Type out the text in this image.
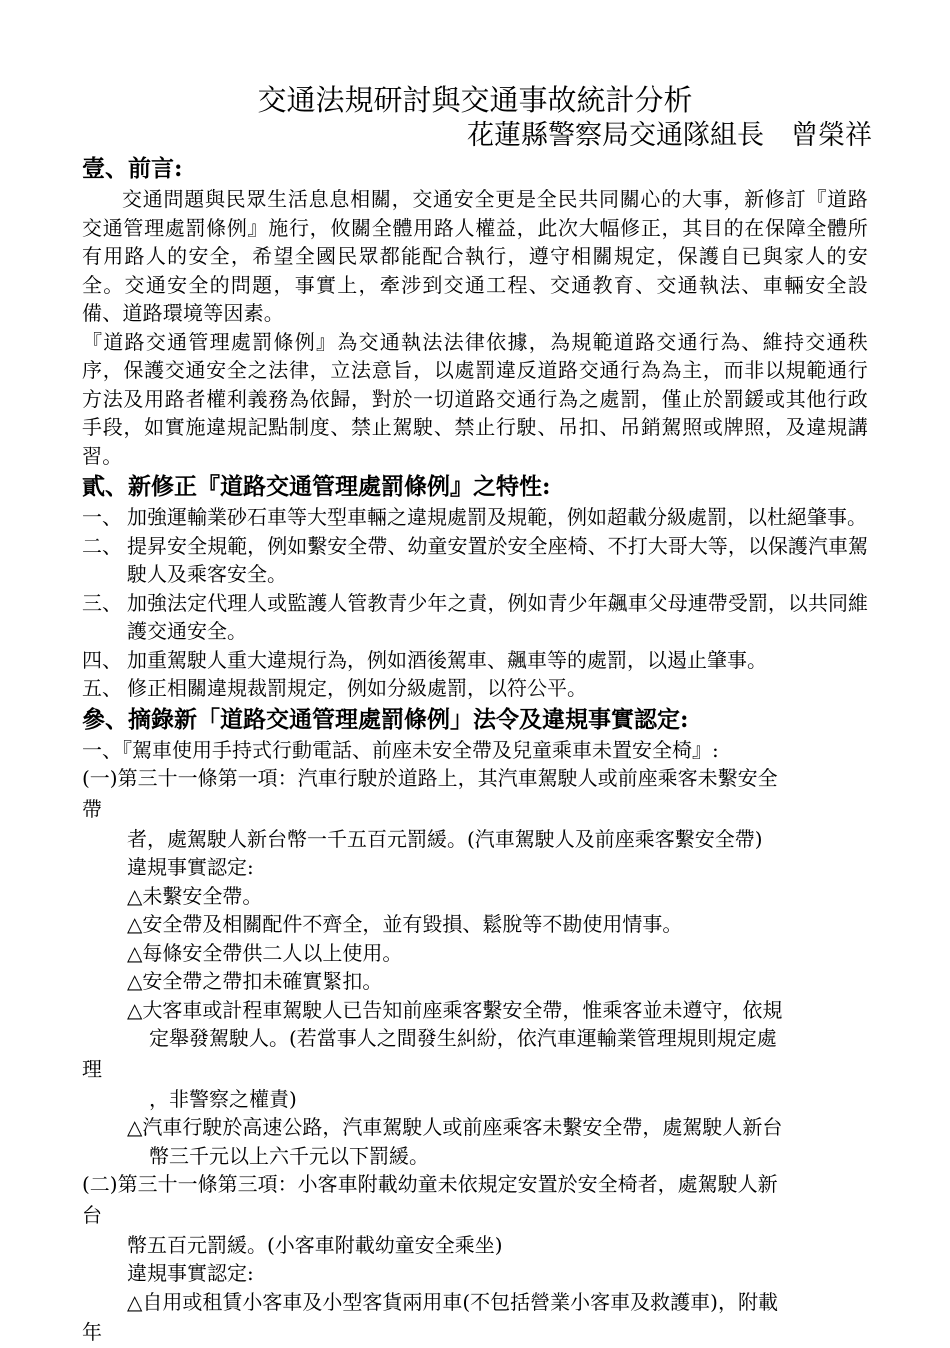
交通法規研討與交通事故統計分析
花蓮縣警察局交通隊組長　曾榮祥
壹、前言:
交通問題與民眾生活息息相關，交通安全更是全民共同關心的大事，新修訂『道路交通管理處罰條例』施行，攸關全體用路人權益，此次大幅修正，其目的在保障全體所有用路人的安全，希望全國民眾都能配合執行，遵守相關規定，保護自已與家人的安全。交通安全的問題，事實上，牽涉到交通工程、交通教育、交通執法、車輛安全設備、道路環境等因素。
『道路交通管理處罰條例』為交通執法法律依據，為規範道路交通行為、維持交通秩序，保護交通安全之法律，立法意旨，以處罰違反道路交通行為為主，而非以規範通行方法及用路者權利義務為依歸，對於一切道路交通行為之處罰，僅止於罰鍰或其他行政手段，如實施違規記點制度、禁止駕駛、禁止行駛、吊扣、吊銷駕照或牌照，及違規講習。
貳、新修正『道路交通管理處罰條例』之特性:
一、 加強運輸業砂石車等大型車輛之違規處罰及規範，例如超載分級處罰，以杜絕肇事。
二、 提昇安全規範，例如繫安全帶、幼童安置於安全座椅、不打大哥大等，以保護汽車駕駛人及乘客安全。
三、 加強法定代理人或監護人管教青少年之責，例如青少年飆車父母連帶受罰，以共同維護交通安全。
四、 加重駕駛人重大違規行為，例如酒後駕車、飆車等的處罰，以遏止肇事。
五、 修正相關違規裁罰規定，例如分級處罰，以符公平。
參、摘錄新「道路交通管理處罰條例」法令及違規事實認定:
一、『駕車使用手持式行動電話、前座未安全帶及兒童乘車未置安全椅』:
(一)第三十一條第一項：汽車行駛於道路上，其汽車駕駛人或前座乘客未繫安全
帶
者，處駕駛人新台幣一千五百元罰緩。(汽車駕駛人及前座乘客繫安全帶)
違規事實認定:
△未繫安全帶。
△安全帶及相關配件不齊全，並有毀損、鬆脫等不勘使用情事。
△每條安全帶供二人以上使用。
△安全帶之帶扣未確實緊扣。
△大客車或計程車駕駛人已告知前座乘客繫安全帶，惟乘客並未遵守，依規
定舉發駕駛人。(若當事人之間發生糾紛，依汽車運輸業管理規則規定處
理
，非警察之權責)
△汽車行駛於高速公路，汽車駕駛人或前座乘客未繫安全帶，處駕駛人新台
幣三千元以上六千元以下罰緩。
(二)第三十一條第三項：小客車附載幼童未依規定安置於安全椅者，處駕駛人新
台
幣五百元罰緩。(小客車附載幼童安全乘坐)
違規事實認定:
△自用或租賃小客車及小型客貨兩用車(不包括營業小客車及救護車)，附載
年
